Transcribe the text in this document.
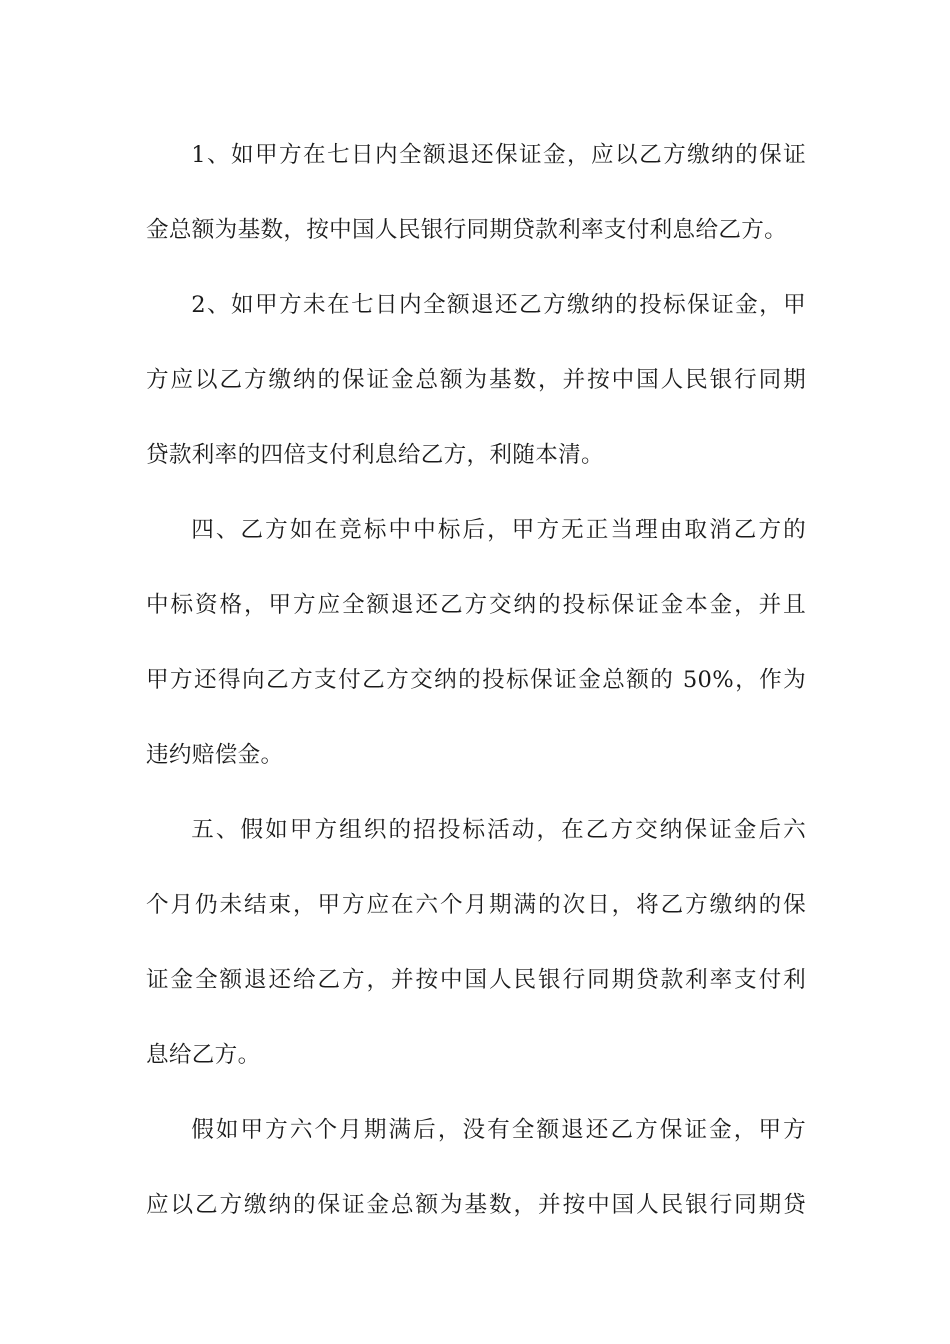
1、如甲方在七日内全额退还保证金，应以乙方缴纳的保证
金总额为基数，按中国人民银行同期贷款利率支付利息给乙方。

2、如甲方未在七日内全额退还乙方缴纳的投标保证金，甲
方应以乙方缴纳的保证金总额为基数，并按中国人民银行同期
贷款利率的四倍支付利息给乙方，利随本清。

四、乙方如在竞标中中标后，甲方无正当理由取消乙方的
中标资格，甲方应全额退还乙方交纳的投标保证金本金，并且
甲方还得向乙方支付乙方交纳的投标保证金总额的 50%，作为
违约赔偿金。

五、假如甲方组织的招投标活动，在乙方交纳保证金后六
个月仍未结束，甲方应在六个月期满的次日，将乙方缴纳的保
证金全额退还给乙方，并按中国人民银行同期贷款利率支付利
息给乙方。

假如甲方六个月期满后，没有全额退还乙方保证金，甲方
应以乙方缴纳的保证金总额为基数，并按中国人民银行同期贷
